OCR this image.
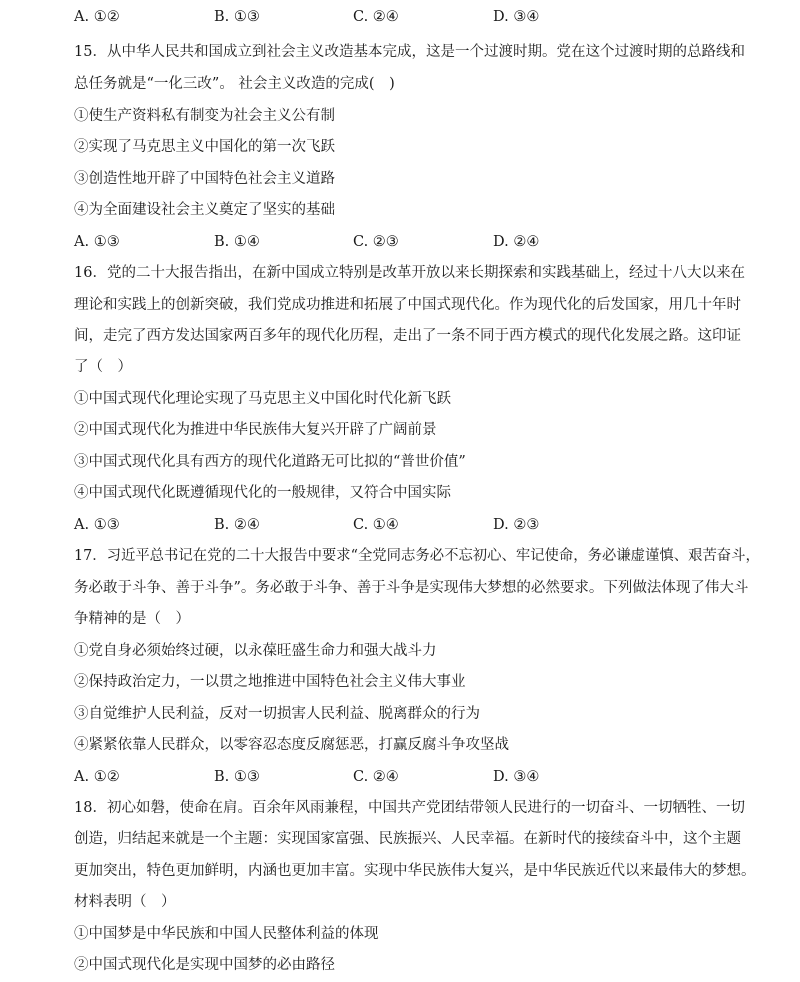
A. ①②	B. ①③	C. ②④	D. ③④
15．从中华人民共和国成立到社会主义改造基本完成，这是一个过渡时期。党在这个过渡时期的总路线和
总任务就是“一化三改”。 社会主义改造的完成(　)
①使生产资料私有制变为社会主义公有制
②实现了马克思主义中国化的第一次飞跃
③创造性地开辟了中国特色社会主义道路
④为全面建设社会主义奠定了坚实的基础
A. ①③	B. ①④	C. ②③	D. ②④
16．党的二十大报告指出，在新中国成立特别是改革开放以来长期探索和实践基础上，经过十八大以来在
理论和实践上的创新突破，我们党成功推进和拓展了中国式现代化。作为现代化的后发国家，用几十年时
间，走完了西方发达国家两百多年的现代化历程，走出了一条不同于西方模式的现代化发展之路。这印证
了（　）
①中国式现代化理论实现了马克思主义中国化时代化新飞跃
②中国式现代化为推进中华民族伟大复兴开辟了广阔前景
③中国式现代化具有西方的现代化道路无可比拟的“普世价值”
④中国式现代化既遵循现代化的一般规律，又符合中国实际
A. ①③	B. ②④	C. ①④	D. ②③
17．习近平总书记在党的二十大报告中要求“全党同志务必不忘初心、牢记使命，务必谦虚谨慎、艰苦奋斗，
务必敢于斗争、善于斗争”。务必敢于斗争、善于斗争是实现伟大梦想的必然要求。下列做法体现了伟大斗
争精神的是（　）
①党自身必须始终过硬，以永葆旺盛生命力和强大战斗力
②保持政治定力，一以贯之地推进中国特色社会主义伟大事业
③自觉维护人民利益，反对一切损害人民利益、脱离群众的行为
④紧紧依靠人民群众，以零容忍态度反腐惩恶，打赢反腐斗争攻坚战
A. ①②	B. ①③	C. ②④	D. ③④
18．初心如磐，使命在肩。百余年风雨兼程，中国共产党团结带领人民进行的一切奋斗、一切牺牲、一切
创造，归结起来就是一个主题：实现国家富强、民族振兴、人民幸福。在新时代的接续奋斗中，这个主题
更加突出，特色更加鲜明，内涵也更加丰富。实现中华民族伟大复兴，是中华民族近代以来最伟大的梦想。
材料表明（　）
①中国梦是中华民族和中国人民整体利益的体现
②中国式现代化是实现中国梦的必由路径
